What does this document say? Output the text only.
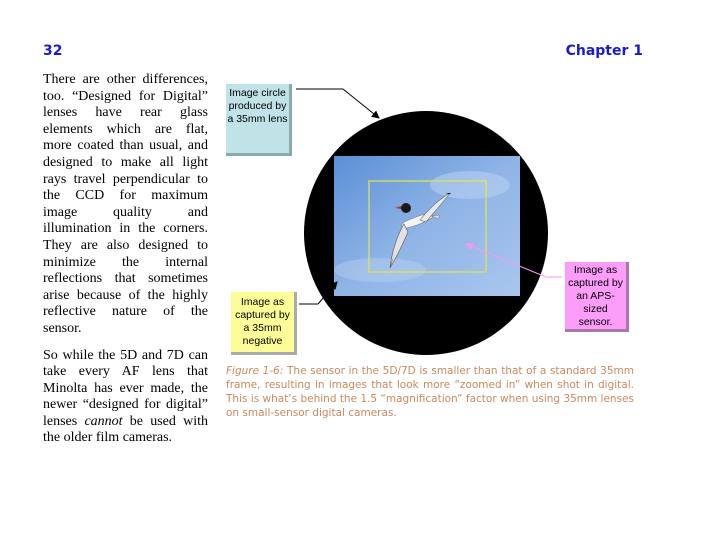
32	Chapter 1

There are other differences, too. “Designed for Digital” lenses have rear glass elements which are flat, more coated than usual, and designed to make all light rays travel perpendicular to the CCD for maximum image quality and illumination in the corners. They are also designed to minimize the internal reflections that sometimes arise because of the highly reflective nature of the sensor.

So while the 5D and 7D can take every AF lens that Minolta has ever made, the newer “designed for digital” lenses cannot be used with the older film cameras.

Image circle produced by a 35mm lens
Image as captured by a 35mm negative
Image as captured by an APS-sized sensor.
Figure 1-6: The sensor in the 5D/7D is smaller than that of a standard 35mm frame, resulting in images that look more “zoomed in” when shot in digital. This is what’s behind the 1.5 “magnification” factor when using 35mm lenses on small-sensor digital cameras.
